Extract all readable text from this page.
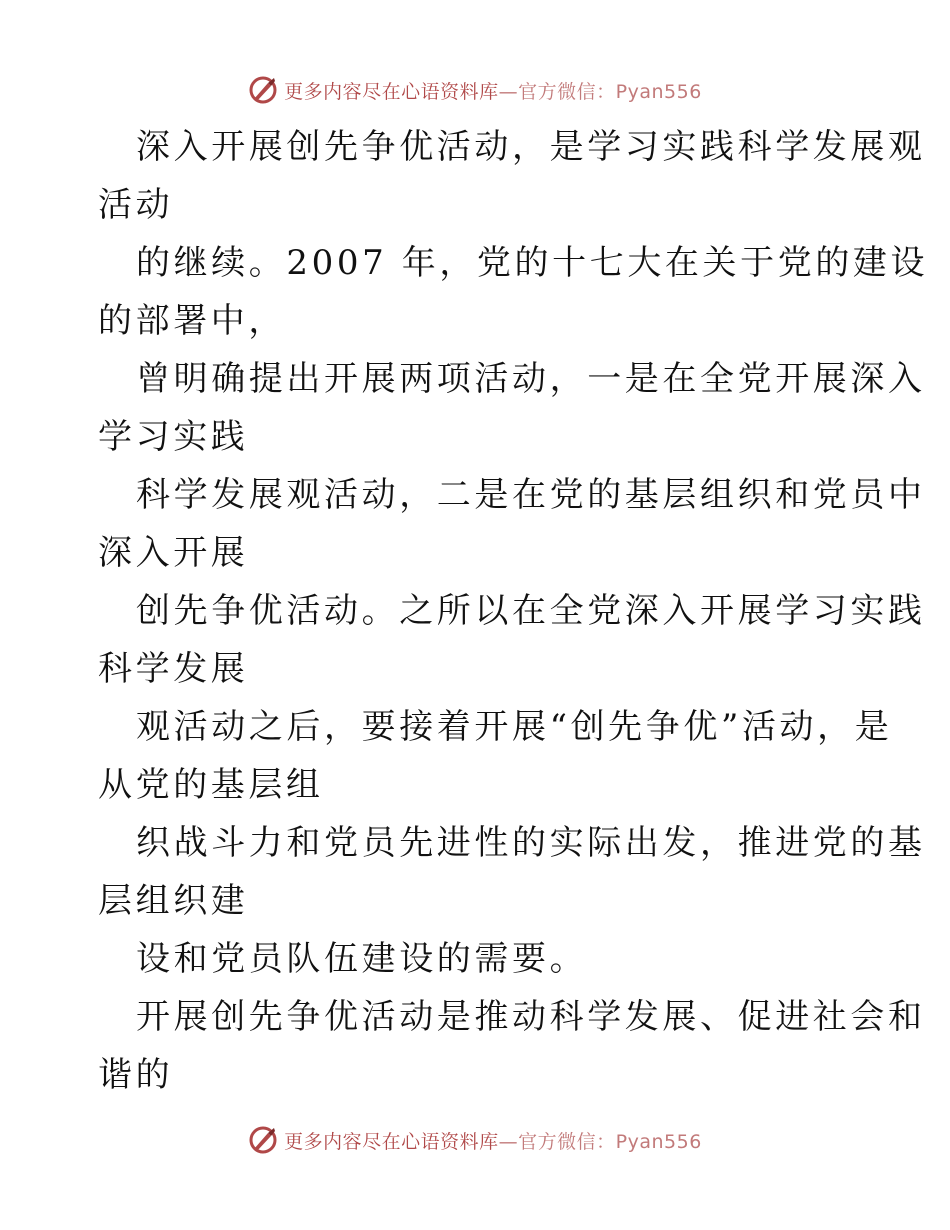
更多内容尽在心语资料库—官方微信：Pyan556
深入开展创先争优活动，是学习实践科学发展观
活动
的继续。2007 年，党的十七大在关于党的建设
的部署中，
曾明确提出开展两项活动，一是在全党开展深入
学习实践
科学发展观活动，二是在党的基层组织和党员中
深入开展
创先争优活动。之所以在全党深入开展学习实践
科学发展
观活动之后，要接着开展“创先争优”活动，是
从党的基层组
织战斗力和党员先进性的实际出发，推进党的基
层组织建
设和党员队伍建设的需要。
开展创先争优活动是推动科学发展、促进社会和
谐的
更多内容尽在心语资料库—官方微信：Pyan556
